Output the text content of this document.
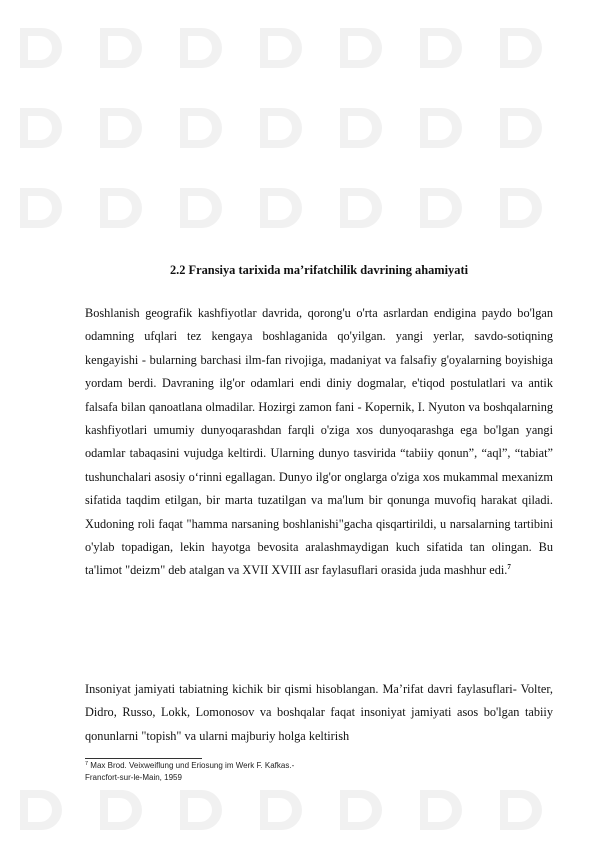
2.2 Fransiya tarixida ma’rifatchilik davrining ahamiyati

Boshlanish geografik kashfiyotlar davrida, qorong'u o'rta asrlardan endigina paydo bo'lgan odamning ufqlari tez kengaya boshlaganida qo'yilgan. yangi yerlar, savdo-sotiqning kengayishi - bularning barchasi ilm-fan rivojiga, madaniyat va falsafiy g'oyalarning boyishiga yordam berdi. Davraning ilg'or odamlari endi diniy dogmalar, e'tiqod postulatlari va antik falsafa bilan qanoatlana olmadilar. Hozirgi zamon fani - Kopernik, I. Nyuton va boshqalarning kashfiyotlari umumiy dunyoqarashdan farqli o'ziga xos dunyoqarashga ega bo'lgan yangi odamlar tabaqasini vujudga keltirdi. Ularning dunyo tasvirida “tabiiy qonun”, “aql”, “tabiat” tushunchalari asosiy o‘rinni egallagan. Dunyo ilg'or onglarga o'ziga xos mukammal mexanizm sifatida taqdim etilgan, bir marta tuzatilgan va ma'lum bir qonunga muvofiq harakat qiladi. Xudoning roli faqat "hamma narsaning boshlanishi"gacha qisqartirildi, u narsalarning tartibini o'ylab topadigan, lekin hayotga bevosita aralashmaydigan kuch sifatida tan olingan. Bu ta'limot "deizm" deb atalgan va XVII XVIII asr faylasuflari orasida juda mashhur edi.$^7$

Insoniyat jamiyati tabiatning kichik bir qismi hisoblangan. Ma’rifat davri faylasuflari- Volter, Didro, Russo, Lokk, Lomonosov va boshqalar faqat insoniyat jamiyati asos bo'lgan tabiiy qonunlarni "topish" va ularni majburiy holga keltirish

$^7$ Max Brod. Veixweiflung und Eriosung im Werk F. Kafkas.-
Francfort-sur-le-Main, 1959
